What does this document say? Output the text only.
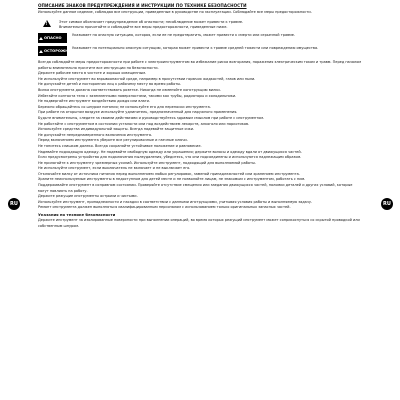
RU	RU
ОПИСАНИЕ ЗНАКОВ ПРЕДУПРЕЖДЕНИЯ И ИНСТРУКЦИИ ПО ТЕХНИКЕ БЕЗОПАСНОСТИ

Используйте данное изделие, соблюдая все инструкции, приведенные в руководстве по эксплуатации. Соблюдайте все меры предосторожности.

!
Этот символ обозначает предупреждение об опасности; несоблюдение может привести к травме.
Внимательно прочитайте и соблюдайте все меры предосторожности, приведенные ниже.
ОПАСНО
Указывает на опасную ситуацию, которая, если ее не предотвратить, может привести к смерти или серьезной травме.
ОСТОРОЖНО
Указывает на потенциально опасную ситуацию, которая может привести к травме средней тяжести или повреждению имущества.

Всегда соблюдайте меры предосторожности при работе с электроинструментом во избежание риска возгорания, поражения электрическим током и травм. Перед началом работы внимательно прочтите все инструкции по безопасности.

Держите рабочее место в чистоте и хорошо освещенным.

Не используйте инструмент во взрывоопасной среде, например в присутствии горючих жидкостей, газов или пыли.

Не допускайте детей и посторонних лиц к рабочему месту во время работы.

Вилка инструмента должна соответствовать розетке. Никогда не изменяйте конструкцию вилки.

Избегайте контакта тела с заземленными поверхностями, такими как трубы, радиаторы и холодильники.

Не подвергайте инструмент воздействию дождя или влаги.

Бережно обращайтесь со шнуром питания; не используйте его для переноски инструмента.

При работе на открытом воздухе используйте удлинитель, предназначенный для наружного применения.

Будьте внимательны, следите за своими действиями и руководствуйтесь здравым смыслом при работе с инструментом.

Не работайте с инструментом в состоянии усталости или под воздействием лекарств, алкоголя или наркотиков.

Используйте средства индивидуальной защиты. Всегда надевайте защитные очки.

Не допускайте непреднамеренного включения инструмента.

Перед включением инструмента уберите все регулировочные и гаечные ключи.

Не тянитесь слишком далеко. Всегда сохраняйте устойчивое положение и равновесие.

Надевайте подходящую одежду. Не надевайте свободную одежду или украшения; держите волосы и одежду вдали от движущихся частей.

Если предусмотрены устройства для подключения пылеудаления, убедитесь, что они подсоединены и используются надлежащим образом.

Не прилагайте к инструменту чрезмерных усилий. Используйте инструмент, подходящий для выполняемой работы.

Не используйте инструмент, если выключатель не включает и не выключает его.

Отключайте вилку от источника питания перед выполнением любых регулировок, заменой принадлежностей или хранением инструмента.

Храните неиспользуемые инструменты в недоступном для детей месте и не позволяйте лицам, не знакомым с инструментом, работать с ним.

Поддерживайте инструмент в исправном состоянии. Проверяйте отсутствие смещения или заедания движущихся частей, поломки деталей и других условий, которые могут повлиять на работу.

Держите режущие инструменты острыми и чистыми.

Используйте инструмент, принадлежности и насадки в соответствии с данными инструкциями, учитывая условия работы и выполняемую задачу.

Ремонт инструмента должен выполняться квалифицированным персоналом с использованием только оригинальных запасных частей.

Указания по технике безопасности

Держите инструмент за изолированные поверхности при выполнении операций, во время которых режущий инструмент может соприкоснуться со скрытой проводкой или собственным шнуром.
